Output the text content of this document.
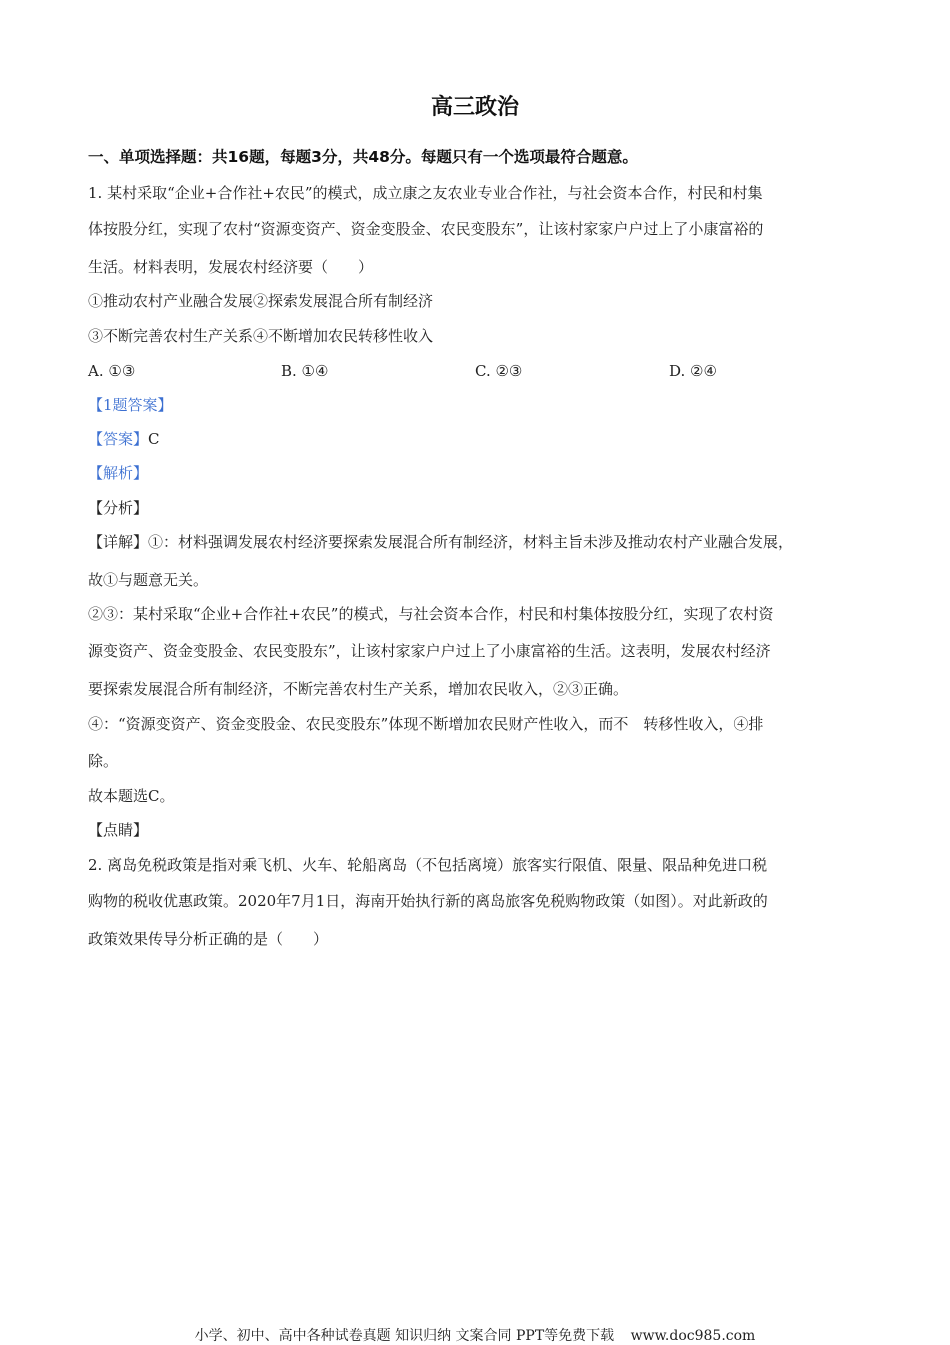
高三政治
一、单项选择题：共16题，每题3分，共48分。每题只有一个选项最符合题意。
1. 某村采取“企业+合作社+农民”的模式，成立康之友农业专业合作社，与社会资本合作，村民和村集
体按股分红，实现了农村“资源变资产、资金变股金、农民变股东”，让该村家家户户过上了小康富裕的
生活。材料表明，发展农村经济要（　　）
①推动农村产业融合发展②探索发展混合所有制经济
③不断完善农村生产关系④不断增加农民转移性收入
A. ①③	B. ①④	C. ②③	D. ②④
【1题答案】
【答案】C
【解析】
【分析】
【详解】①：材料强调发展农村经济要探索发展混合所有制经济，材料主旨未涉及推动农村产业融合发展，
故①与题意无关。
②③：某村采取“企业+合作社+农民”的模式，与社会资本合作，村民和村集体按股分红，实现了农村资
源变资产、资金变股金、农民变股东”，让该村家家户户过上了小康富裕的生活。这表明，发展农村经济
要探索发展混合所有制经济，不断完善农村生产关系，增加农民收入，②③正确。
④：“资源变资产、资金变股金、农民变股东”体现不断增加农民财产性收入，而不　转移性收入，④排
除。
故本题选C。
【点睛】
2. 离岛免税政策是指对乘飞机、火车、轮船离岛（不包括离境）旅客实行限值、限量、限品种免进口税
购物的税收优惠政策。2020年7月1日，海南开始执行新的离岛旅客免税购物政策（如图）。对此新政的
政策效果传导分析正确的是（　　）
小学、初中、高中各种试卷真题 知识归纳 文案合同 PPT等免费下载 www.doc985.com
